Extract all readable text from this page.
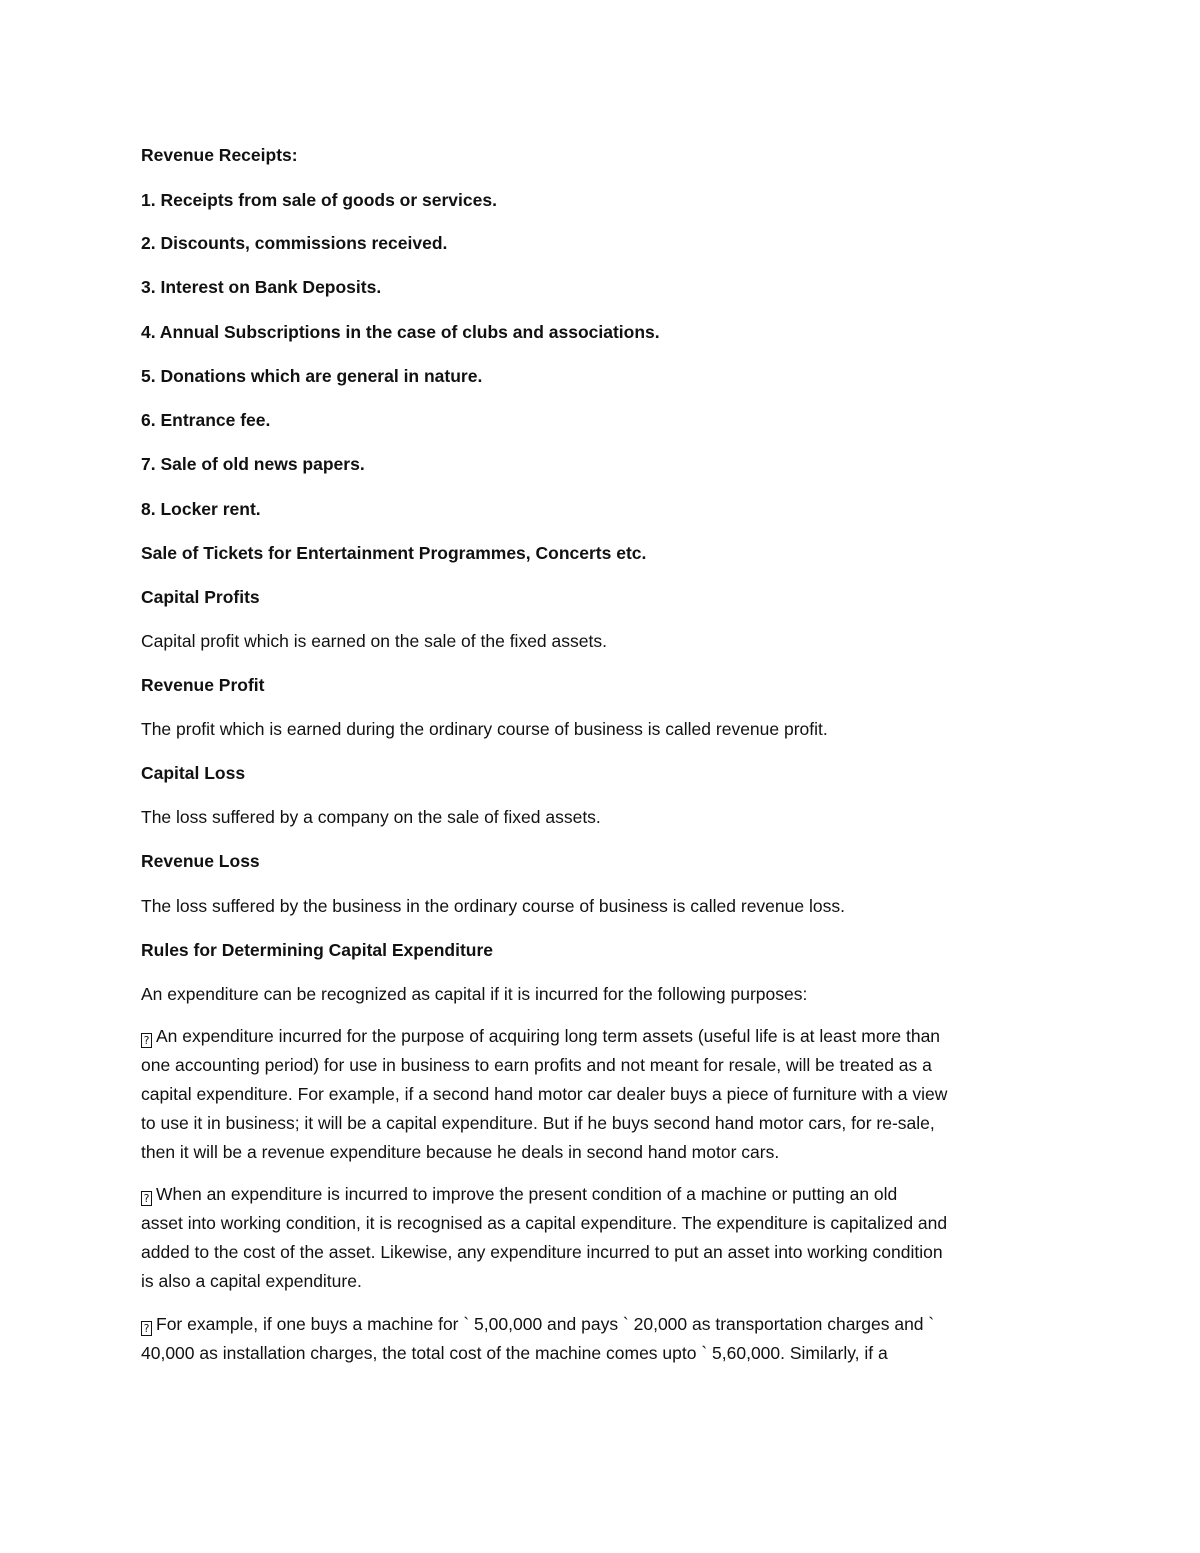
Revenue Receipts:

1. Receipts from sale of goods or services.

2. Discounts, commissions received.

3. Interest on Bank Deposits.

4. Annual Subscriptions in the case of clubs and associations.

5. Donations which are general in nature.

6. Entrance fee.

7. Sale of old news papers.

8. Locker rent.

Sale of Tickets for Entertainment Programmes, Concerts etc.

Capital Profits

Capital profit which is earned on the sale of the fixed assets.

Revenue Profit

The profit which is earned during the ordinary course of business is called revenue profit.

Capital Loss

The loss suffered by a company on the sale of fixed assets.

Revenue Loss

The loss suffered by the business in the ordinary course of business is called revenue loss.

Rules for Determining Capital Expenditure

An expenditure can be recognized as capital if it is incurred for the following purposes:

? An expenditure incurred for the purpose of acquiring long term assets (useful life is at least more than
one accounting period) for use in business to earn profits and not meant for resale, will be treated as a
capital expenditure. For example, if a second hand motor car dealer buys a piece of furniture with a view
to use it in business; it will be a capital expenditure. But if he buys second hand motor cars, for re-sale,
then it will be a revenue expenditure because he deals in second hand motor cars.
? When an expenditure is incurred to improve the present condition of a machine or putting an old
asset into working condition, it is recognised as a capital expenditure. The expenditure is capitalized and
added to the cost of the asset. Likewise, any expenditure incurred to put an asset into working condition
is also a capital expenditure.
? For example, if one buys a machine for ` 5,00,000 and pays ` 20,000 as transportation charges and `
40,000 as installation charges, the total cost of the machine comes upto ` 5,60,000. Similarly, if a
